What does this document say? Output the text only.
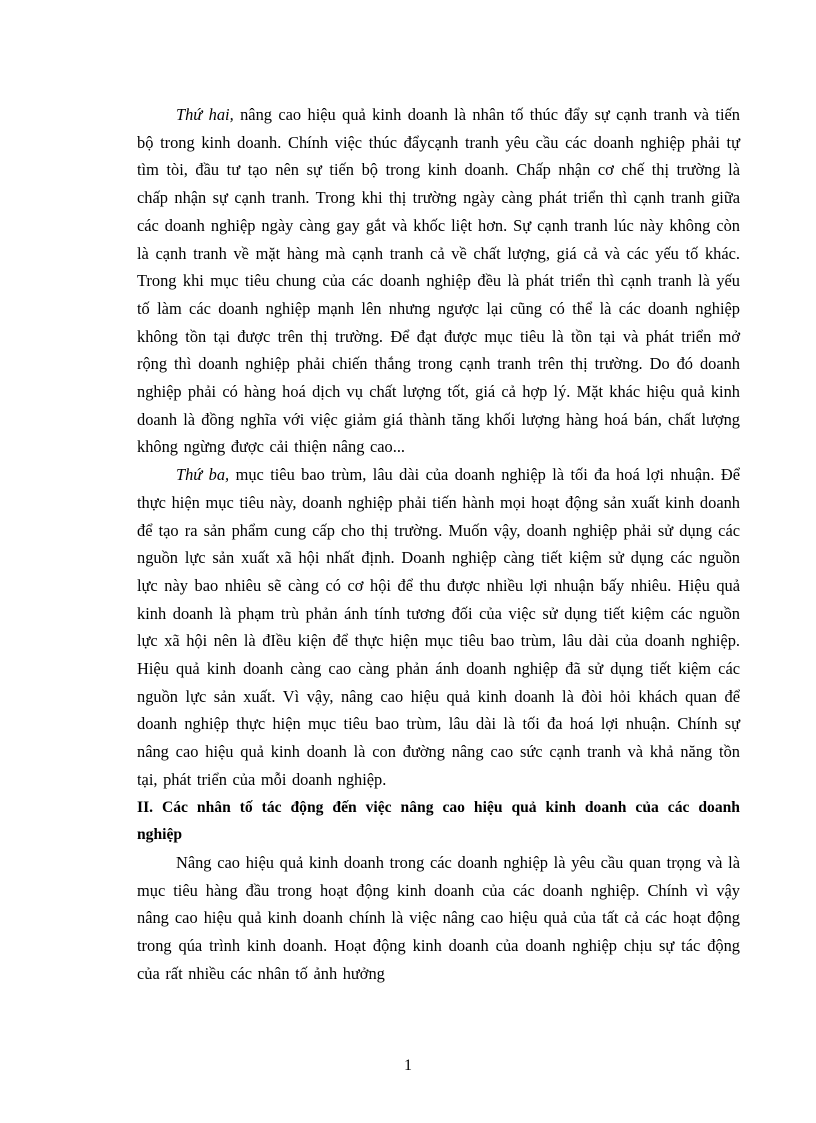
Thứ hai, nâng cao hiệu quả kinh doanh là nhân tố thúc đẩy sự cạnh tranh và tiến bộ trong kinh doanh. Chính việc thúc đẩycạnh tranh yêu cầu các doanh nghiệp phải tự tìm tòi, đầu tư tạo nên sự tiến bộ trong kinh doanh. Chấp nhận cơ chế thị trường là chấp nhận sự cạnh tranh. Trong khi thị trường ngày càng phát triển thì cạnh tranh giữa các doanh nghiệp ngày càng gay gắt và khốc liệt hơn. Sự cạnh tranh lúc này không còn là cạnh tranh về mặt hàng mà cạnh tranh cả về chất lượng, giá cả và các yếu tố khác. Trong khi mục tiêu chung của các doanh nghiệp đều là phát triển thì cạnh tranh là yếu tố làm các doanh nghiệp mạnh lên nhưng ngược lại cũng có thể là các doanh nghiệp không tồn tại được trên thị trường. Để đạt được mục tiêu là tồn tại và phát triển mở rộng thì doanh nghiệp phải chiến thắng trong cạnh tranh trên thị trường. Do đó doanh nghiệp phải có hàng hoá dịch vụ chất lượng tốt, giá cả hợp lý. Mặt khác hiệu quả kinh doanh là đồng nghĩa với việc giảm giá thành tăng khối lượng hàng hoá bán, chất lượng không ngừng được cải thiện nâng cao...

Thứ ba, mục tiêu bao trùm, lâu dài của doanh nghiệp là tối đa hoá lợi nhuận. Để thực hiện mục tiêu này, doanh nghiệp phải tiến hành mọi hoạt động sản xuất kinh doanh để tạo ra sản phẩm cung cấp cho thị trường. Muốn vậy, doanh nghiệp phải sử dụng các nguồn lực sản xuất xã hội nhất định. Doanh nghiệp càng tiết kiệm sử dụng các nguồn lực này bao nhiêu sẽ càng có cơ hội để thu được nhiều lợi nhuận bấy nhiêu. Hiệu quả kinh doanh là phạm trù phản ánh tính tương đối của việc sử dụng tiết kiệm các nguồn lực xã hội nên là đIều kiện để thực hiện mục tiêu bao trùm, lâu dài của doanh nghiệp. Hiệu quả kinh doanh càng cao càng phản ánh doanh nghiệp đã sử dụng tiết kiệm các nguồn lực sản xuất. Vì vậy, nâng cao hiệu quả kinh doanh là đòi hỏi khách quan để doanh nghiệp thực hiện mục tiêu bao trùm, lâu dài là tối đa hoá lợi nhuận. Chính sự nâng cao hiệu quả kinh doanh là con đường nâng cao sức cạnh tranh và khả năng tồn tại, phát triển của mỗi doanh nghiệp.

II. Các nhân tố tác động đến việc nâng cao hiệu quả kinh doanh của các doanh nghiệp

Nâng cao hiệu quả kinh doanh trong các doanh nghiệp là yêu cầu quan trọng và là mục tiêu hàng đầu trong hoạt động kinh doanh của các doanh nghiệp. Chính vì vậy nâng cao hiệu quả kinh doanh chính là việc nâng cao hiệu quả của tất cả các hoạt động trong qúa trình kinh doanh. Hoạt động kinh doanh của doanh nghiệp chịu sự tác động của rất nhiều các nhân tố ảnh hưởng

1
